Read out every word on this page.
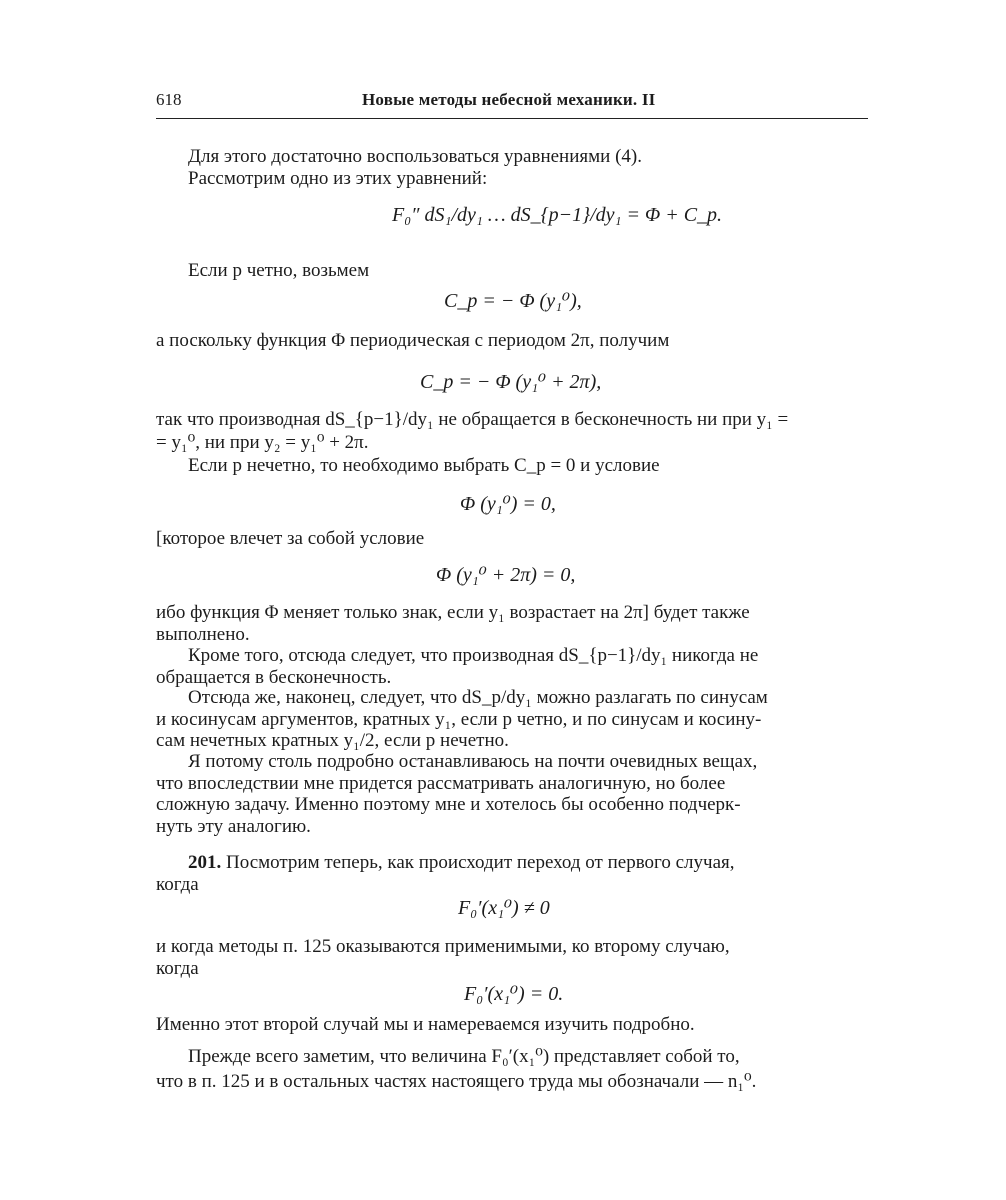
618	Новые методы небесной механики. II
Для этого достаточно воспользоваться уравнениями (4).
Рассмотрим одно из этих уравнений:
F₀″ dS₁/dy₁ … dS_{p−1}/dy₁ = Φ + C_p.
Если p четно, возьмем
C_p = − Φ (y₁⁰),
а поскольку функция Φ периодическая с периодом 2π, получим
C_p = − Φ (y₁⁰ + 2π),
так что производная dS_{p−1}/dy₁ не обращается в бесконечность ни при y₁ =
= y₁⁰, ни при y₂ = y₁⁰ + 2π.
Если p нечетно, то необходимо выбрать C_p = 0 и условие
Φ (y₁⁰) = 0,
[которое влечет за собой условие
Φ (y₁⁰ + 2π) = 0,
ибо функция Φ меняет только знак, если y₁ возрастает на 2π] будет также
выполнено.
Кроме того, отсюда следует, что производная dS_{p−1}/dy₁ никогда не
обращается в бесконечность.
Отсюда же, наконец, следует, что dS_p/dy₁ можно разлагать по синусам
и косинусам аргументов, кратных y₁, если p четно, и по синусам и косину-
сам нечетных кратных y₁/2, если p нечетно.
Я потому столь подробно останавливаюсь на почти очевидных вещах,
что впоследствии мне придется рассматривать аналогичную, но более
сложную задачу. Именно поэтому мне и хотелось бы особенно подчерк-
нуть эту аналогию.
201. Посмотрим теперь, как происходит переход от первого случая,
когда
F₀′(x₁⁰) ≠ 0
и когда методы п. 125 оказываются применимыми, ко второму случаю,
когда
F₀′(x₁⁰) = 0.
Именно этот второй случай мы и намереваемся изучить подробно.
Прежде всего заметим, что величина F₀′(x₁⁰) представляет собой то,
что в п. 125 и в остальных частях настоящего труда мы обозначали — n₁⁰.
